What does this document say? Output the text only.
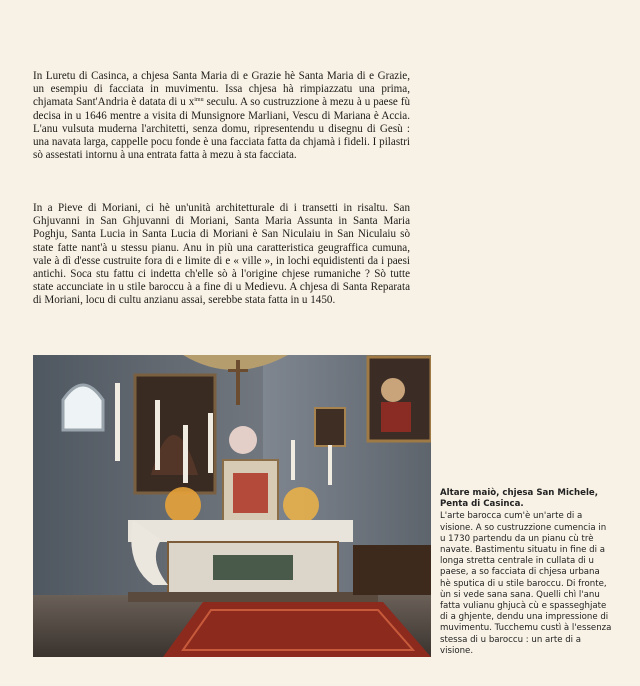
In Luretu di Casinca, a chjesa Santa Maria di e Grazie hè Santa Maria di e Grazie, un esempiu di facciata in muvimentu. Issa chjesa hà rimpiazzatu una prima, chjamata Sant'Andria è datata di u $x^{imu}$ seculu. A so custruzzione à mezu à u paese fù decisa in u 1646 mentre a visita di Munsignore Marliani, Vescu di Mariana è Accia. L'anu vulsuta muderna l'architetti, senza domu, ripresentendu u disegnu di Gesù : una navata larga, cappelle pocu fonde è una facciata fatta da chjamà i fideli. I pilastri sò assestati intornu à una entrata fatta à mezu à sta facciata.

In a Pieve di Moriani, ci hè un'unità architetturale di i transetti in risaltu. San Ghjuvanni in San Ghjuvanni di Moriani, Santa Maria Assunta in Santa Maria Poghju, Santa Lucia in Santa Lucia di Moriani è San Niculaiu in San Niculaiu sò state fatte nant'à u stessu pianu. Anu in più una caratteristica geugraffica cumuna, vale à dì d'esse custruite fora di e limite di e « ville », in lochi equidistenti da i paesi antichi. Soca stu fattu ci indetta ch'elle sò à l'origine chjese rumaniche ? Sò tutte state accunciate in u stile baroccu à a fine di u Medievu. A chjesa di Santa Reparata di Moriani, locu di cultu anzianu assai, serebbe stata fatta in u 1450.

Altare maiò, chjesa San Michele, Penta di Casinca.

L'arte barocca cum'è un'arte di a visione. A so custruzzione cumencia in u 1730 partendu da un pianu cù trè navate. Bastimentu situatu in fine di a longa stretta centrale in cullata di u paese, a so facciata di chjesa urbana hè sputica di u stile baroccu. Di fronte, ùn si vede sana sana. Quelli chì l'anu fatta vulianu ghjucà cù e spasseghjate di a ghjente, dendu una impressione di muvimentu. Tucchemu custì à l'essenza stessa di u baroccu : un arte di a visione.
